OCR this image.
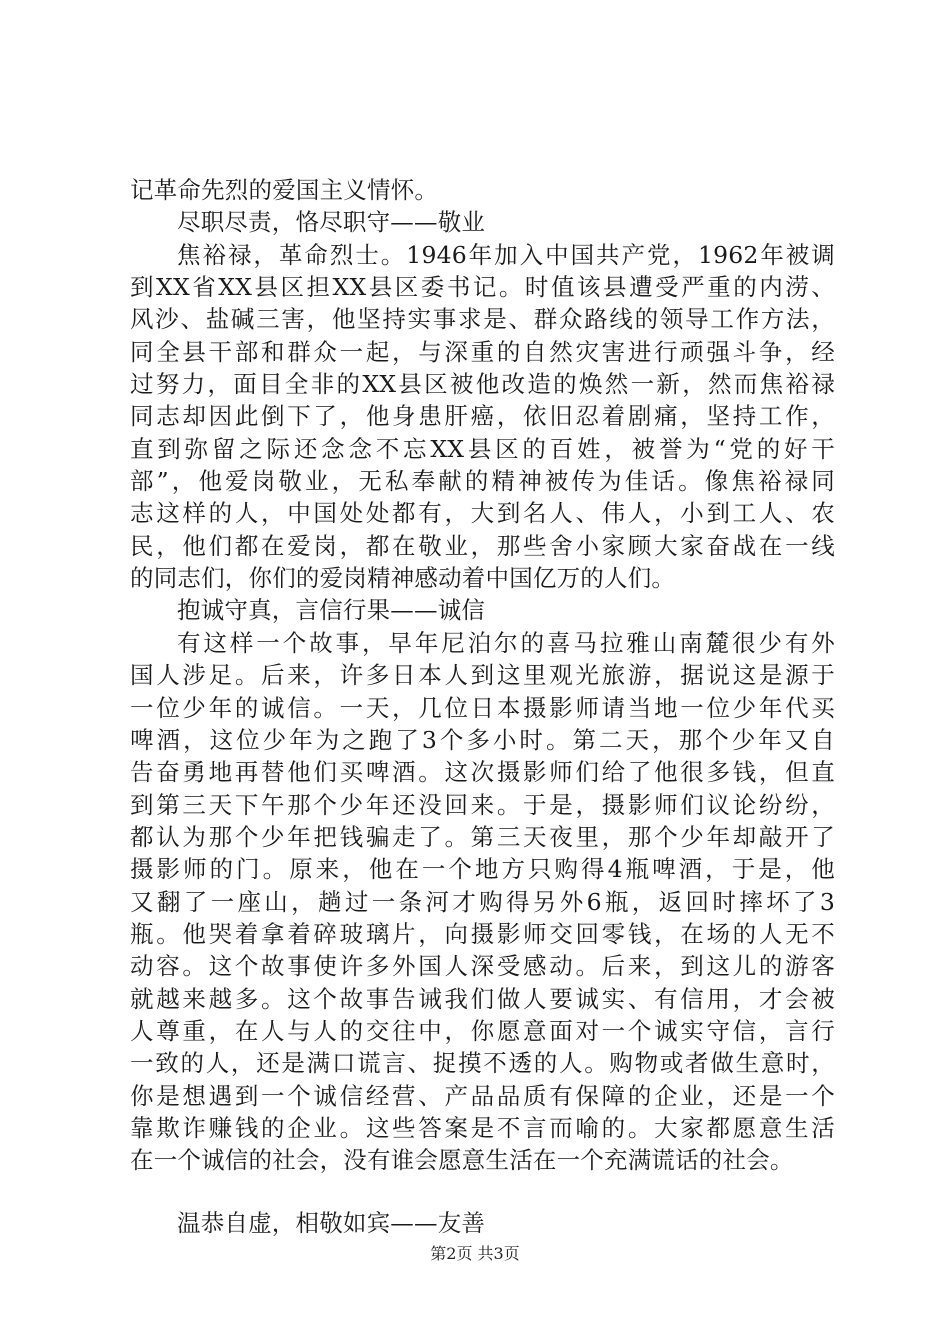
记革命先烈的爱国主义情怀。
尽职尽责，恪尽职守——敬业
焦裕禄，革命烈士。1946年加入中国共产党，1962年被调
到XX省XX县区担XX县区委书记。时值该县遭受严重的内涝、
风沙、盐碱三害，他坚持实事求是、群众路线的领导工作方法，
同全县干部和群众一起，与深重的自然灾害进行顽强斗争，经
过努力，面目全非的XX县区被他改造的焕然一新，然而焦裕禄
同志却因此倒下了，他身患肝癌，依旧忍着剧痛，坚持工作，
直到弥留之际还念念不忘XX县区的百姓，被誉为“党的好干
部”，他爱岗敬业，无私奉献的精神被传为佳话。像焦裕禄同
志这样的人，中国处处都有，大到名人、伟人，小到工人、农
民，他们都在爱岗，都在敬业，那些舍小家顾大家奋战在一线
的同志们，你们的爱岗精神感动着中国亿万的人们。
抱诚守真，言信行果——诚信
有这样一个故事，早年尼泊尔的喜马拉雅山南麓很少有外
国人涉足。后来，许多日本人到这里观光旅游，据说这是源于
一位少年的诚信。一天，几位日本摄影师请当地一位少年代买
啤酒，这位少年为之跑了3个多小时。第二天，那个少年又自
告奋勇地再替他们买啤酒。这次摄影师们给了他很多钱，但直
到第三天下午那个少年还没回来。于是，摄影师们议论纷纷，
都认为那个少年把钱骗走了。第三天夜里，那个少年却敲开了
摄影师的门。原来，他在一个地方只购得4瓶啤酒，于是，他
又翻了一座山，趟过一条河才购得另外6瓶，返回时摔坏了3
瓶。他哭着拿着碎玻璃片，向摄影师交回零钱，在场的人无不
动容。这个故事使许多外国人深受感动。后来，到这儿的游客
就越来越多。这个故事告诫我们做人要诚实、有信用，才会被
人尊重，在人与人的交往中，你愿意面对一个诚实守信，言行
一致的人，还是满口谎言、捉摸不透的人。购物或者做生意时，
你是想遇到一个诚信经营、产品品质有保障的企业，还是一个
靠欺诈赚钱的企业。这些答案是不言而喻的。大家都愿意生活
在一个诚信的社会，没有谁会愿意生活在一个充满谎话的社会。
温恭自虚，相敬如宾——友善
第2页 共3页
